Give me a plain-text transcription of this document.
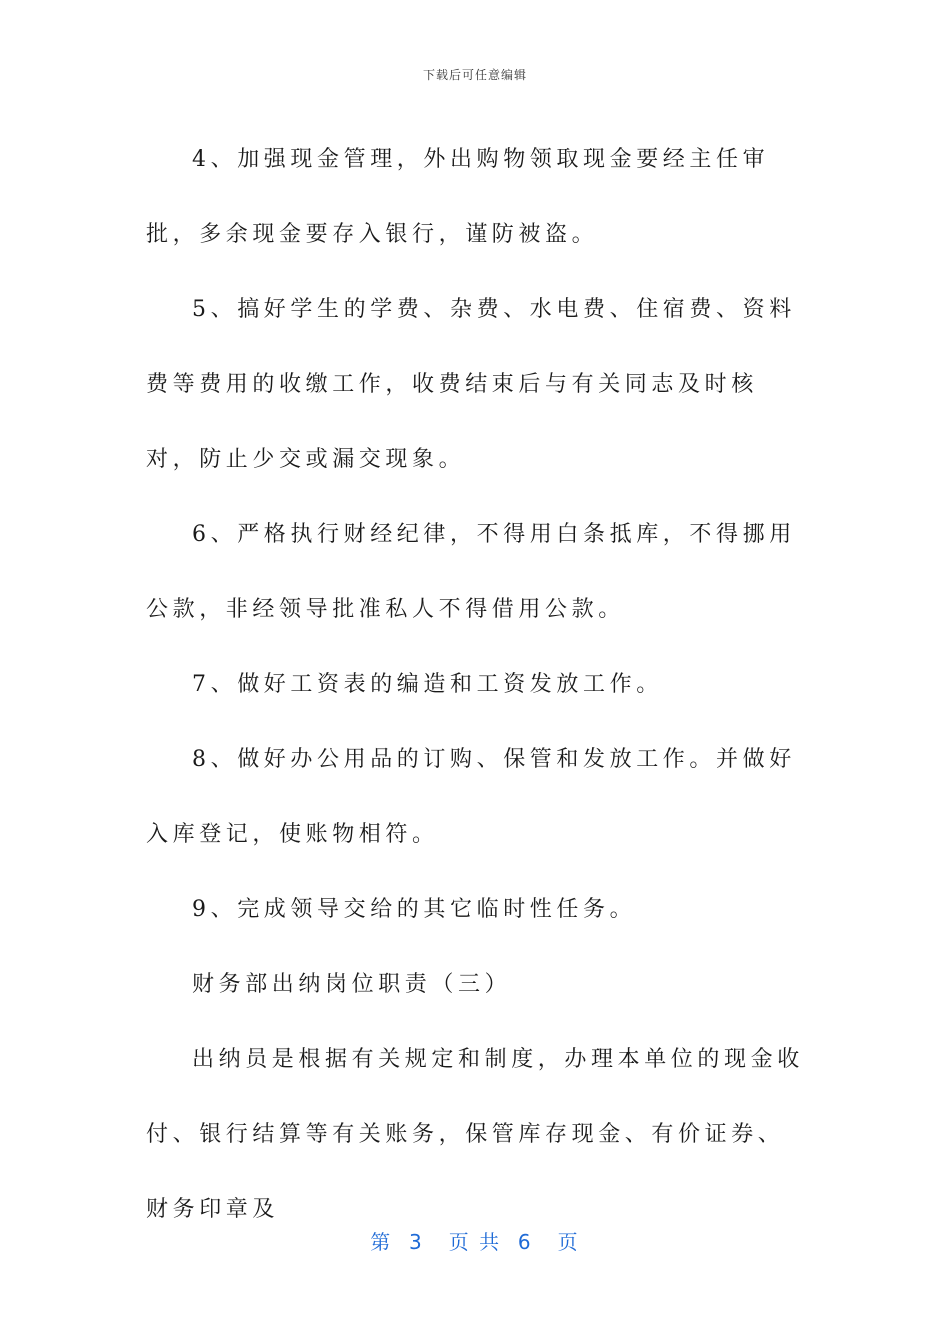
下载后可任意编辑

4、加强现金管理，外出购物领取现金要经主任审批，多余现金要存入银行，谨防被盗。

5、搞好学生的学费、杂费、水电费、住宿费、资料费等费用的收缴工作，收费结束后与有关同志及时核对，防止少交或漏交现象。

6、严格执行财经纪律，不得用白条抵库，不得挪用公款，非经领导批准私人不得借用公款。

7、做好工资表的编造和工资发放工作。

8、做好办公用品的订购、保管和发放工作。并做好入库登记，使账物相符。

9、完成领导交给的其它临时性任务。

财务部出纳岗位职责（三）

出纳员是根据有关规定和制度，办理本单位的现金收付、银行结算等有关账务，保管库存现金、有价证券、财务印章及

第  3   页 共  6   页
